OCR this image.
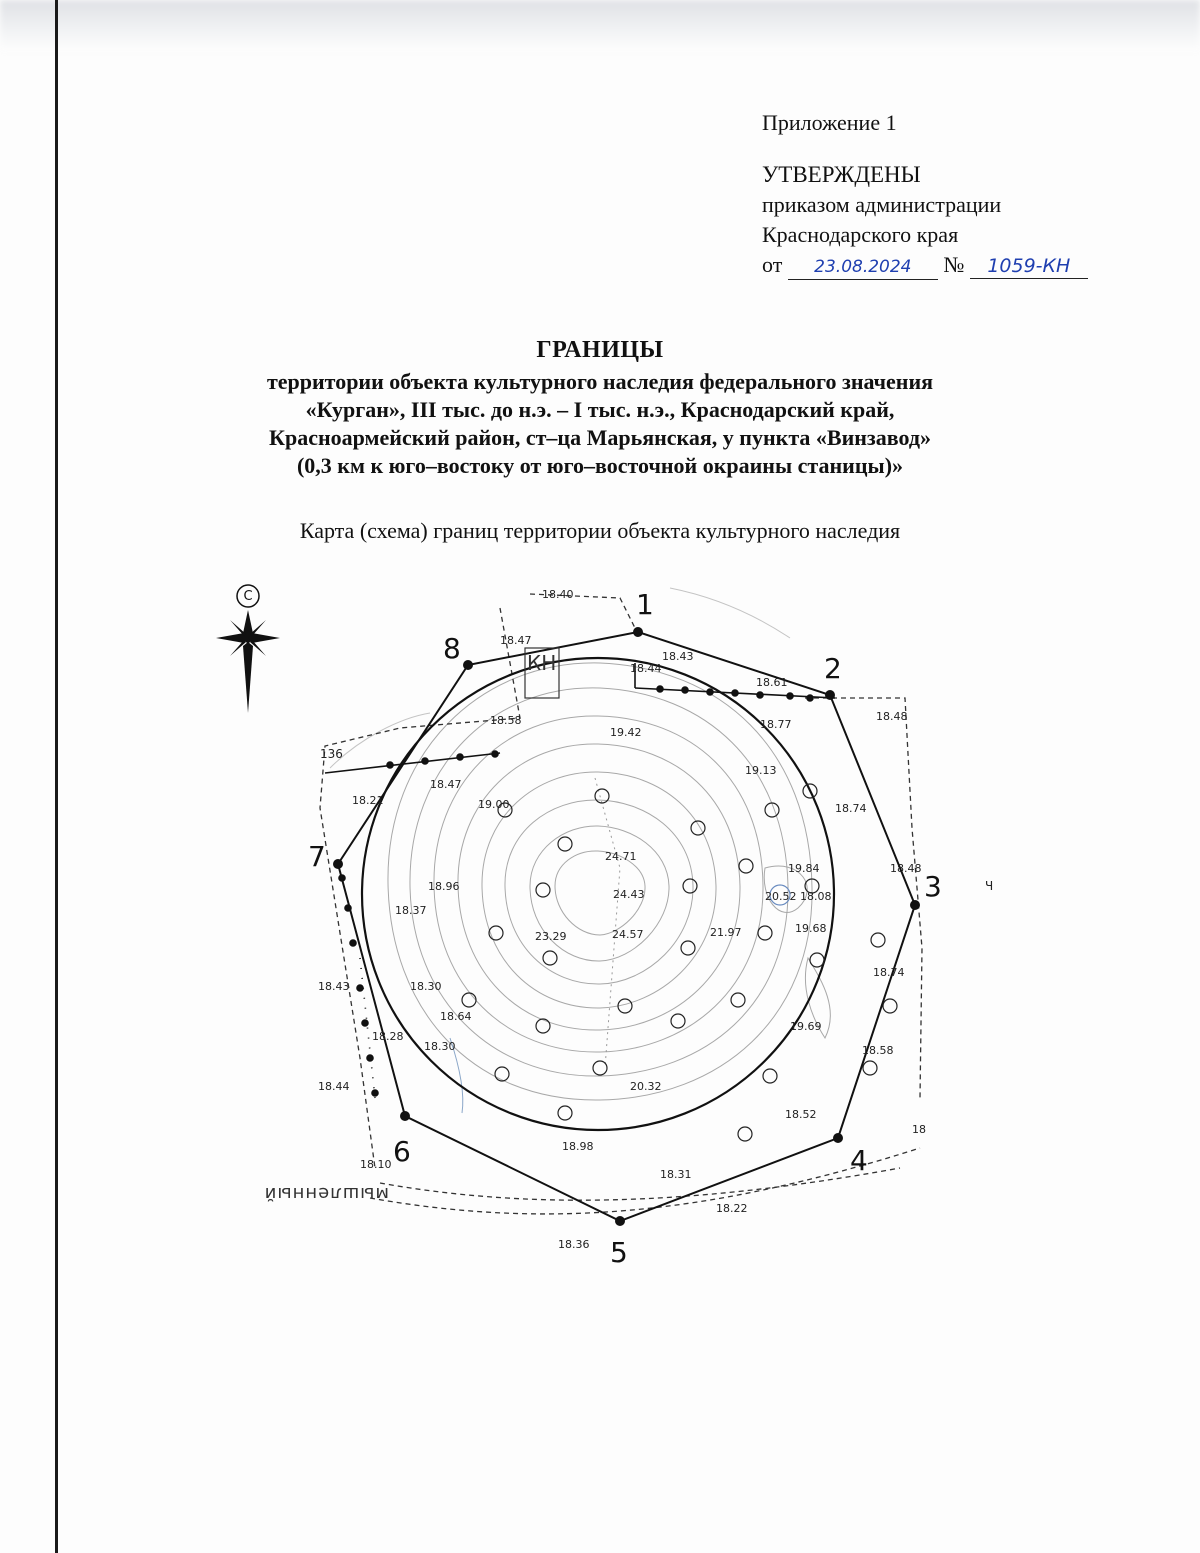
Приложение 1
УТВЕРЖДЕНЫ
приказом администрации
Краснодарского края
от 23.08.2024 № 1059-КН
ГРАНИЦЫ
территории объекта культурного наследия федерального значения
«Курган», III тыс. до н.э. – I тыс. н.э., Краснодарский край,
Красноармейский район, ст–ца Марьянская, у пункта «Винзавод»
(0,3 км к юго–востоку от юго–восточной окраины станицы)»
Карта (схема) границ территории объекта культурного наследия
С	1
2
3
4
5
6
7
8	КН
136
Ч
мышленный
18.40
18.47
18.43
18.44
18.61
18.58
19.42
18.77
18.48
19.13
18.47
18.21	19.00	18.74
24.71
24.43
19.84	18.48
18.96
20.52 18.08
18.37
23.29	24.57	21.97	19.68
18.74
18.43	18.30
18.64
19.69
18.28
18.30	18.58
18.44	20.32
18.52
18.98
18.31
18.22
18.36
18.10
18
